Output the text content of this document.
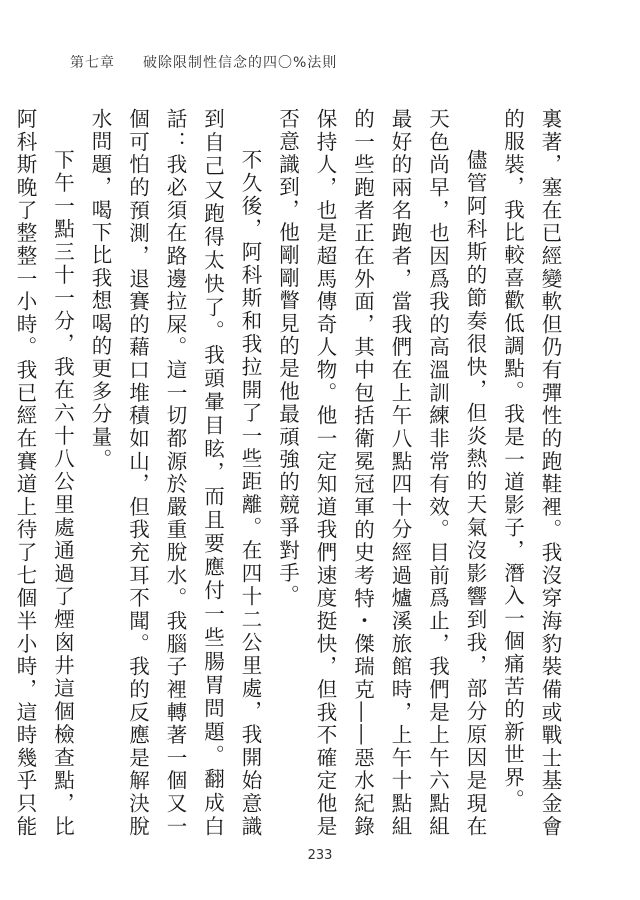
第七章 破除限制性信念的四〇%法則

裏著，塞在已經變軟但仍有彈性的跑鞋裡。我沒穿海豹裝備或戰士基金會的服裝，我比較喜歡低調點。我是一道影子，潛入一個痛苦的新世界。

儘管阿科斯的節奏很快，但炎熱的天氣沒影響到我，部分原因是現在天色尚早，也因爲我的高溫訓練非常有效。目前爲止，我們是上午六點組最好的兩名跑者，當我們在上午八點四十分經過爐溪旅館時，上午十點組的一些跑者正在外面，其中包括衛冕冠軍的史考特・傑瑞克――惡水紀錄保持人，也是超馬傳奇人物。他一定知道我們速度挺快，但我不確定他是否意識到，他剛剛瞥見的是他最頑強的競爭對手。

不久後，阿科斯和我拉開了一些距離。在四十二公里處，我開始意識到自己又跑得太快了。我頭暈目眩，而且要應付一些腸胃問題。翻成白話：我必須在路邊拉屎。這一切都源於嚴重脫水。我腦子裡轉著一個又一個可怕的預測，退賽的藉口堆積如山，但我充耳不聞。我的反應是解決脫水問題，喝下比我想喝的更多分量。

下午一點三十一分，我在六十八公里處通過了煙囪井這個檢查點，比阿科斯晚了整整一小時。我已經在賽道上待了七個半小時，這時幾乎只能

233
